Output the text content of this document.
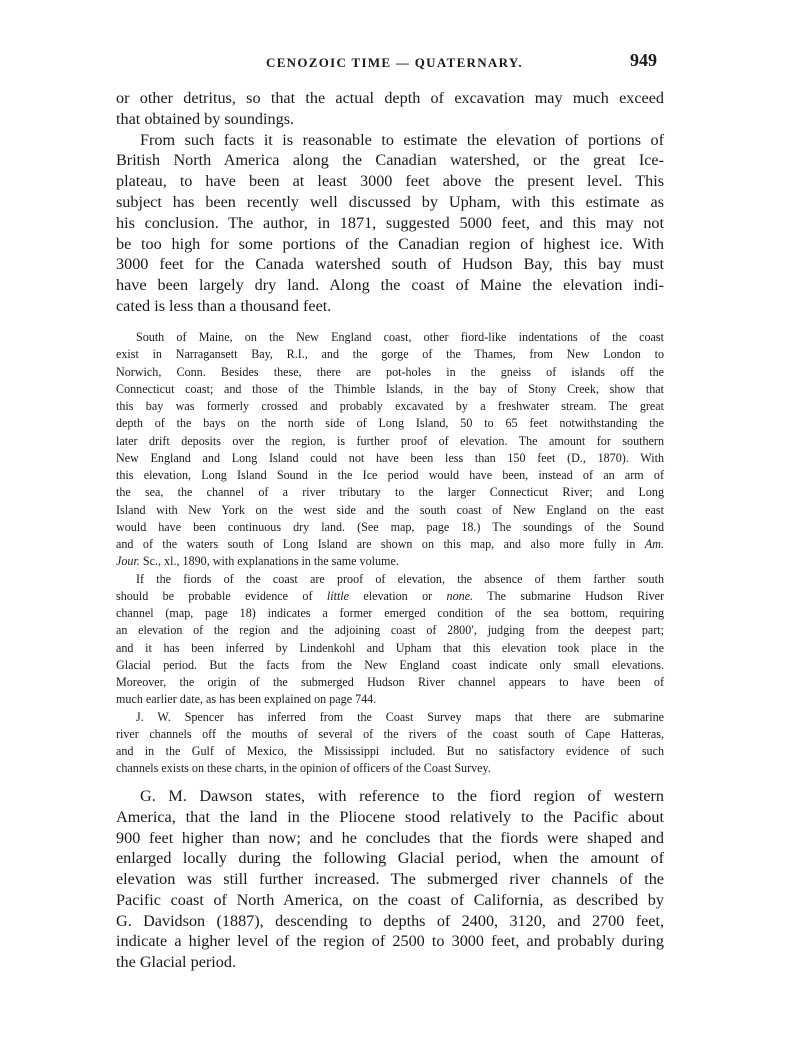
CENOZOIC TIME — QUATERNARY.	949
or other detritus, so that the actual depth of excavation may much exceed
that obtained by soundings.
From such facts it is reasonable to estimate the elevation of portions of
British North America along the Canadian watershed, or the great Ice-
plateau, to have been at least 3000 feet above the present level. This
subject has been recently well discussed by Upham, with this estimate as
his conclusion. The author, in 1871, suggested 5000 feet, and this may not
be too high for some portions of the Canadian region of highest ice. With
3000 feet for the Canada watershed south of Hudson Bay, this bay must
have been largely dry land. Along the coast of Maine the elevation indi-
cated is less than a thousand feet.
South of Maine, on the New England coast, other fiord-like indentations of the coast
exist in Narragansett Bay, R.I., and the gorge of the Thames, from New London to
Norwich, Conn. Besides these, there are pot-holes in the gneiss of islands off the
Connecticut coast; and those of the Thimble Islands, in the bay of Stony Creek, show that
this bay was formerly crossed and probably excavated by a freshwater stream. The great
depth of the bays on the north side of Long Island, 50 to 65 feet notwithstanding the
later drift deposits over the region, is further proof of elevation. The amount for southern
New England and Long Island could not have been less than 150 feet (D., 1870). With
this elevation, Long Island Sound in the Ice period would have been, instead of an arm of
the sea, the channel of a river tributary to the larger Connecticut River; and Long
Island with New York on the west side and the south coast of New England on the east
would have been continuous dry land. (See map, page 18.) The soundings of the Sound
and of the waters south of Long Island are shown on this map, and also more fully in Am.
Jour. Sc., xl., 1890, with explanations in the same volume.
If the fiords of the coast are proof of elevation, the absence of them farther south
should be probable evidence of little elevation or none. The submarine Hudson River
channel (map, page 18) indicates a former emerged condition of the sea bottom, requiring
an elevation of the region and the adjoining coast of 2800′, judging from the deepest part;
and it has been inferred by Lindenkohl and Upham that this elevation took place in the
Glacial period. But the facts from the New England coast indicate only small elevations.
Moreover, the origin of the submerged Hudson River channel appears to have been of
much earlier date, as has been explained on page 744.
J. W. Spencer has inferred from the Coast Survey maps that there are submarine
river channels off the mouths of several of the rivers of the coast south of Cape Hatteras,
and in the Gulf of Mexico, the Mississippi included. But no satisfactory evidence of such
channels exists on these charts, in the opinion of officers of the Coast Survey.
G. M. Dawson states, with reference to the fiord region of western
America, that the land in the Pliocene stood relatively to the Pacific about
900 feet higher than now; and he concludes that the fiords were shaped and
enlarged locally during the following Glacial period, when the amount of
elevation was still further increased. The submerged river channels of the
Pacific coast of North America, on the coast of California, as described by
G. Davidson (1887), descending to depths of 2400, 3120, and 2700 feet,
indicate a higher level of the region of 2500 to 3000 feet, and probably during
the Glacial period.
